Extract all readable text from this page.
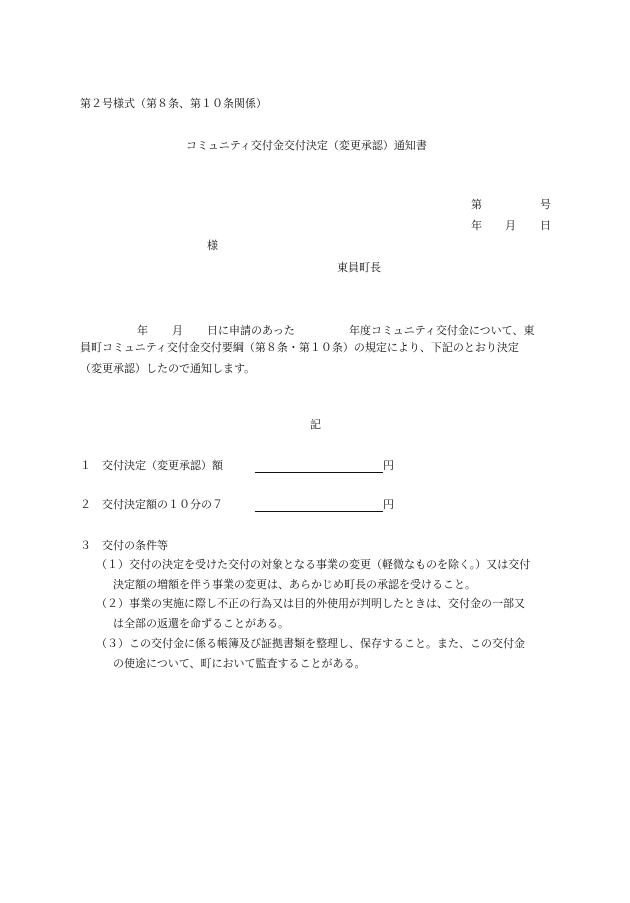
第２号様式（第８条、第１０条関係）
コミュニティ交付金交付決定（変更承認）通知書
第	号
年 月 日
様
東員町長
年 月 日に申請のあった	年度コミュニティ交付金について、東
員町コミュニティ交付金交付要綱（第８条・第１０条）の規定により、下記のとおり決定
（変更承認）したので通知します。
記
１ 交付決定（変更承認）額	円
２ 交付決定額の１０分の７	円
３ 交付の条件等
（１）交付の決定を受けた交付の対象となる事業の変更（軽微なものを除く。）又は交付
決定額の増額を伴う事業の変更は、あらかじめ町長の承認を受けること。
（２）事業の実施に際し不正の行為又は目的外使用が判明したときは、交付金の一部又
は全部の返還を命ずることがある。
（３）この交付金に係る帳簿及び証拠書類を整理し、保存すること。また、この交付金
の使途について、町において監査することがある。
